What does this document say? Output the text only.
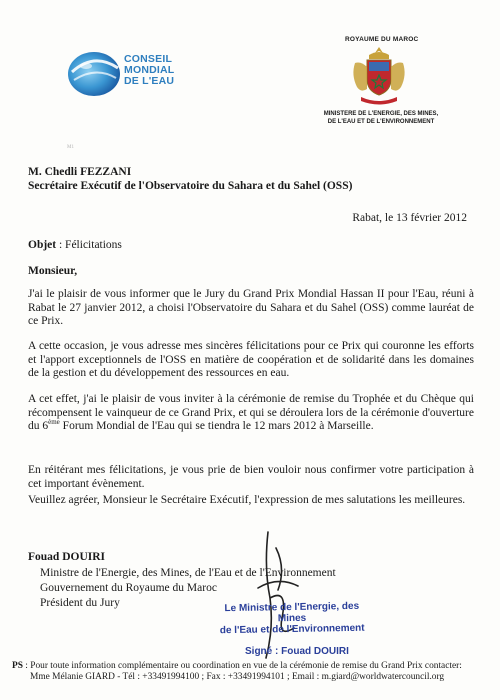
CONSEIL
MONDIAL
DE L'EAU
ROYAUME DU MAROC
MINISTERE DE L'ENERGIE, DES MINES,
DE L'EAU ET DE L'ENVIRONNEMENT
M1
M. Chedli FEZZANI
Secrétaire Exécutif de l'Observatoire du Sahara et du Sahel (OSS)
Rabat, le 13 février 2012
Objet : Félicitations
Monsieur,
J'ai le plaisir de vous informer que le Jury du Grand Prix Mondial Hassan II pour l'Eau, réuni à Rabat le 27 janvier 2012, a choisi l'Observatoire du Sahara et du Sahel (OSS) comme lauréat de ce Prix.
A cette occasion, je vous adresse mes sincères félicitations pour ce Prix qui couronne les efforts et l'apport exceptionnels de l'OSS en matière de coopération et de solidarité dans les domaines de la gestion et du développement des ressources en eau.
A cet effet, j'ai le plaisir de vous inviter à la cérémonie de remise du Trophée et du Chèque qui récompensent le vainqueur de ce Grand Prix, et qui se déroulera lors de la cérémonie d'ouverture du 6ème Forum Mondial de l'Eau qui se tiendra le 12 mars 2012 à Marseille.
En réitérant mes félicitations, je vous prie de bien vouloir nous confirmer votre participation à cet important évènement.
Veuillez agréer, Monsieur le Secrétaire Exécutif, l'expression de mes salutations les meilleures.
Fouad DOUIRI
Ministre de l'Energie, des Mines, de l'Eau et de l'Environnement
Gouvernement du Royaume du Maroc
Président du Jury	Le Ministre de l'Energie, des Mines
de l'Eau et de l'Environnement
Signé : Fouad DOUIRI
PS : Pour toute information complémentaire ou coordination en vue de la cérémonie de remise du Grand Prix contacter:
Mme Mélanie GIARD - Tél : +33491994100 ; Fax : +33491994101 ; Email : m.giard@worldwatercouncil.org
